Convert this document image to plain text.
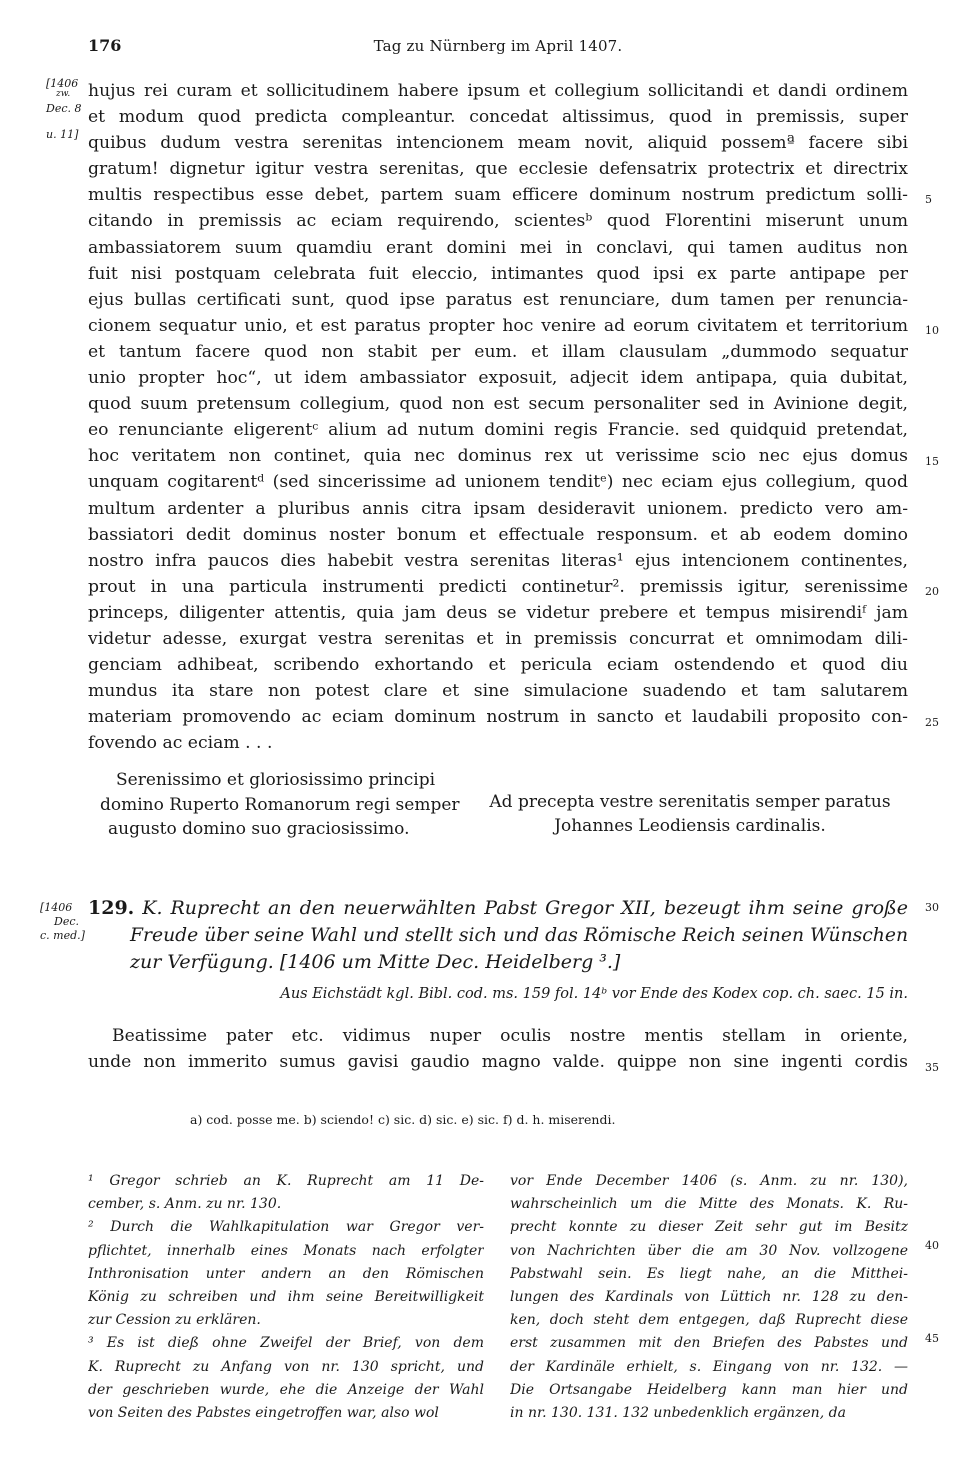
176	Tag zu Nürnberg im April 1407.
[1406
zw.
Dec. 8
u. 11]
hujus rei curam et sollicitudinem habere ipsum et collegium sollicitandi et dandi ordinem
et modum quod predicta compleantur. concedat altissimus, quod in premissis, super
quibus dudum vestra serenitas intencionem meam novit, aliquid possemª facere sibi
gratum! dignetur igitur vestra serenitas, que ecclesie defensatrix protectrix et directrix
multis respectibus esse debet, partem suam efficere dominum nostrum predictum solli-
citando in premissis ac eciam requirendo, scientesᵇ quod Florentini miserunt unum
ambassiatorem suum quamdiu erant domini mei in conclavi, qui tamen auditus non
fuit nisi postquam celebrata fuit eleccio, intimantes quod ipsi ex parte antipape per
ejus bullas certificati sunt, quod ipse paratus est renunciare, dum tamen per renuncia-
cionem sequatur unio, et est paratus propter hoc venire ad eorum civitatem et territorium
et tantum facere quod non stabit per eum. et illam clausulam „dummodo sequatur
unio propter hoc“, ut idem ambassiator exposuit, adjecit idem antipapa, quia dubitat,
quod suum pretensum collegium, quod non est secum personaliter sed in Avinione degit,
eo renunciante eligerentᶜ alium ad nutum domini regis Francie. sed quidquid pretendat,
hoc veritatem non continet, quia nec dominus rex ut verissime scio nec ejus domus
unquam cogitarentᵈ (sed sincerissime ad unionem tenditᵉ) nec eciam ejus collegium, quod
multum ardenter a pluribus annis citra ipsam desideravit unionem. predicto vero am-
bassiatori dedit dominus noster bonum et effectuale responsum. et ab eodem domino
nostro infra paucos dies habebit vestra serenitas literas¹ ejus intencionem continentes,
prout in una particula instrumenti predicti continetur². premissis igitur, serenissime
princeps, diligenter attentis, quia jam deus se videtur prebere et tempus misirendiᶠ jam
videtur adesse, exurgat vestra serenitas et in premissis concurrat et omnimodam dili-
genciam adhibeat, scribendo exhortando et pericula eciam ostendendo et quod diu
mundus ita stare non potest clare et sine simulacione suadendo et tam salutarem
materiam promovendo ac eciam dominum nostrum in sancto et laudabili proposito con-
fovendo ac eciam . . .
5
10
15
20
25
Serenissimo et gloriosissimo principi
domino Ruperto Romanorum regi semper
augusto domino suo graciosissimo.
Ad precepta vestre serenitatis semper paratus
Johannes Leodiensis cardinalis.
[1406
Dec.
c. med.]
129. K. Ruprecht an den neuerwählten Pabst Gregor XII, bezeugt ihm seine große
Freude über seine Wahl und stellt sich und das Römische Reich seinen Wünschen
zur Verfügung. [1406 um Mitte Dec. Heidelberg ³.]
30
Aus Eichstädt kgl. Bibl. cod. ms. 159 fol. 14ᵇ vor Ende des Kodex cop. ch. saec. 15 in.
Beatissime pater etc. vidimus nuper oculis nostre mentis stellam in oriente,
unde non immerito sumus gavisi gaudio magno valde. quippe non sine ingenti cordis 35
a) cod. posse me. b) sciendo! c) sic. d) sic. e) sic. f) d. h. miserendi.
¹ Gregor schrieb an K. Ruprecht am 11 De-
cember, s. Anm. zu nr. 130.
² Durch die Wahlkapitulation war Gregor ver-
pflichtet, innerhalb eines Monats nach erfolgter
Inthronisation unter andern an den Römischen
König zu schreiben und ihm seine Bereitwilligkeit
zur Cession zu erklären.
³ Es ist dieß ohne Zweifel der Brief, von dem
K. Ruprecht zu Anfang von nr. 130 spricht, und
der geschrieben wurde, ehe die Anzeige der Wahl
von Seiten des Pabstes eingetroffen war, also wol
vor Ende December 1406 (s. Anm. zu nr. 130),
wahrscheinlich um die Mitte des Monats. K. Ru-
precht konnte zu dieser Zeit sehr gut im Besitz
von Nachrichten über die am 30 Nov. vollzogene
Pabstwahl sein. Es liegt nahe, an die Mitthei-
lungen des Kardinals von Lüttich nr. 128 zu den-
ken, doch steht dem entgegen, daß Ruprecht diese
erst zusammen mit den Briefen des Pabstes und
der Kardinäle erhielt, s. Eingang von nr. 132. —
Die Ortsangabe Heidelberg kann man hier und
in nr. 130. 131. 132 unbedenklich ergänzen, da
40
45
